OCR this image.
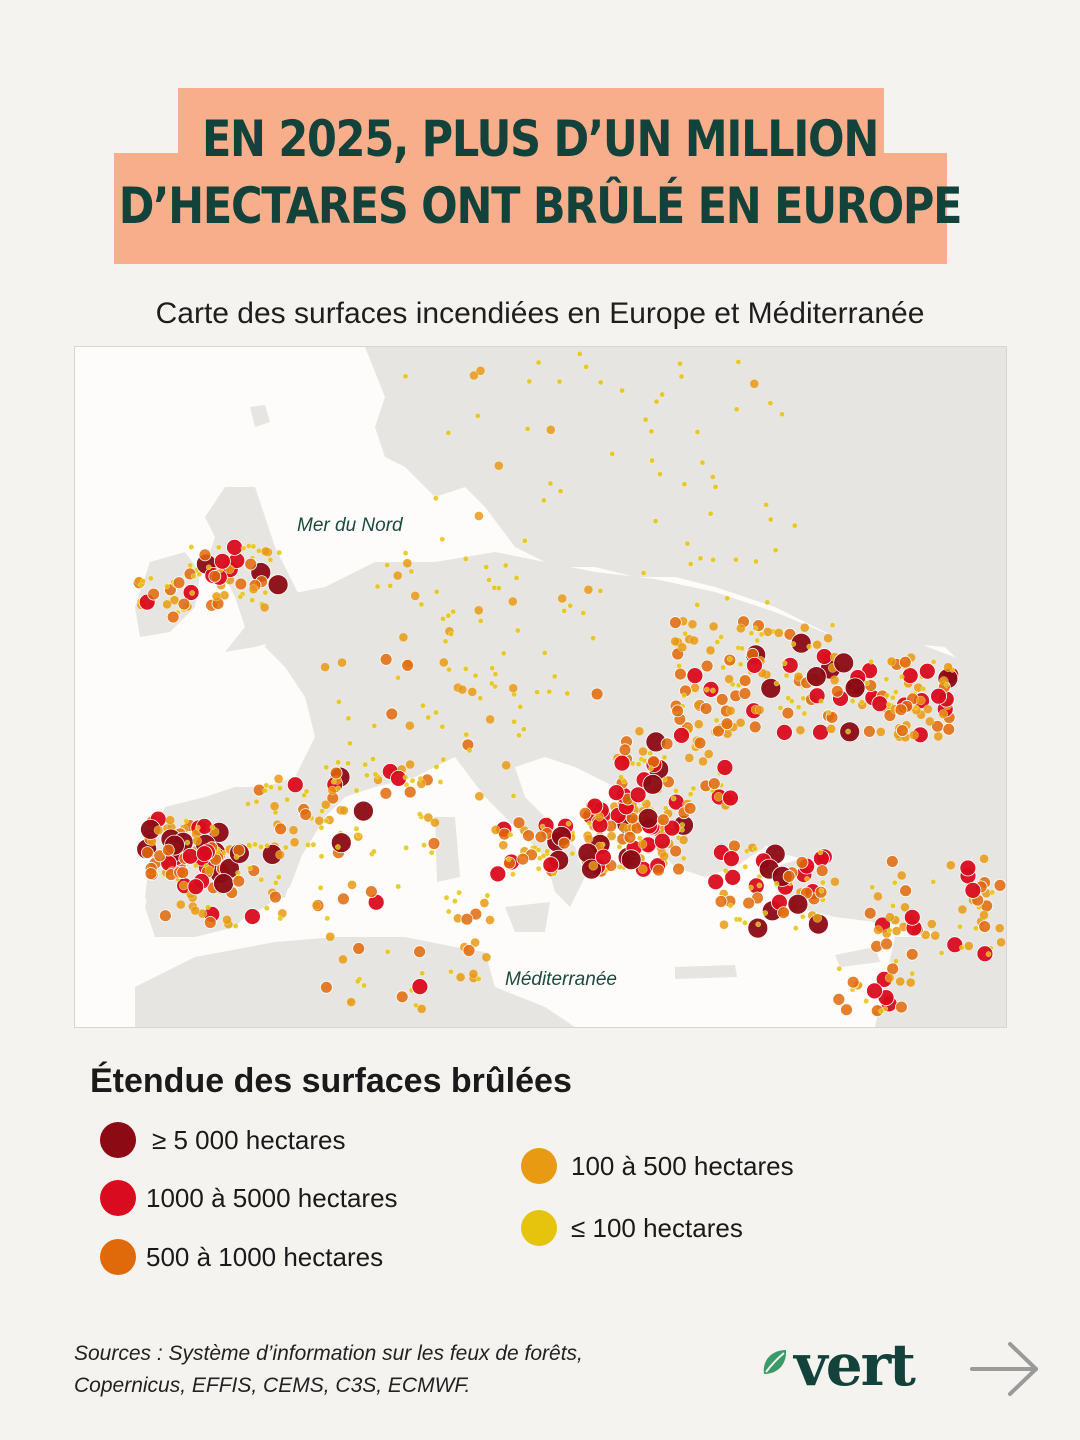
EN 2025, PLUS D’UN MILLION
D’HECTARES ONT BRÛLÉ EN EUROPE
Carte des surfaces incendiées en Europe et Méditerranée
Mer du Nord
Méditerranée
Étendue des surfaces brûlées
≥ 5 000 hectares
1000 à 5000 hectares
500 à 1000 hectares
100 à 500 hectares
≤ 100 hectares
Sources : Système d’information sur les feux de forêts,
Copernicus, EFFIS, CEMS, C3S, ECMWF.	vert
